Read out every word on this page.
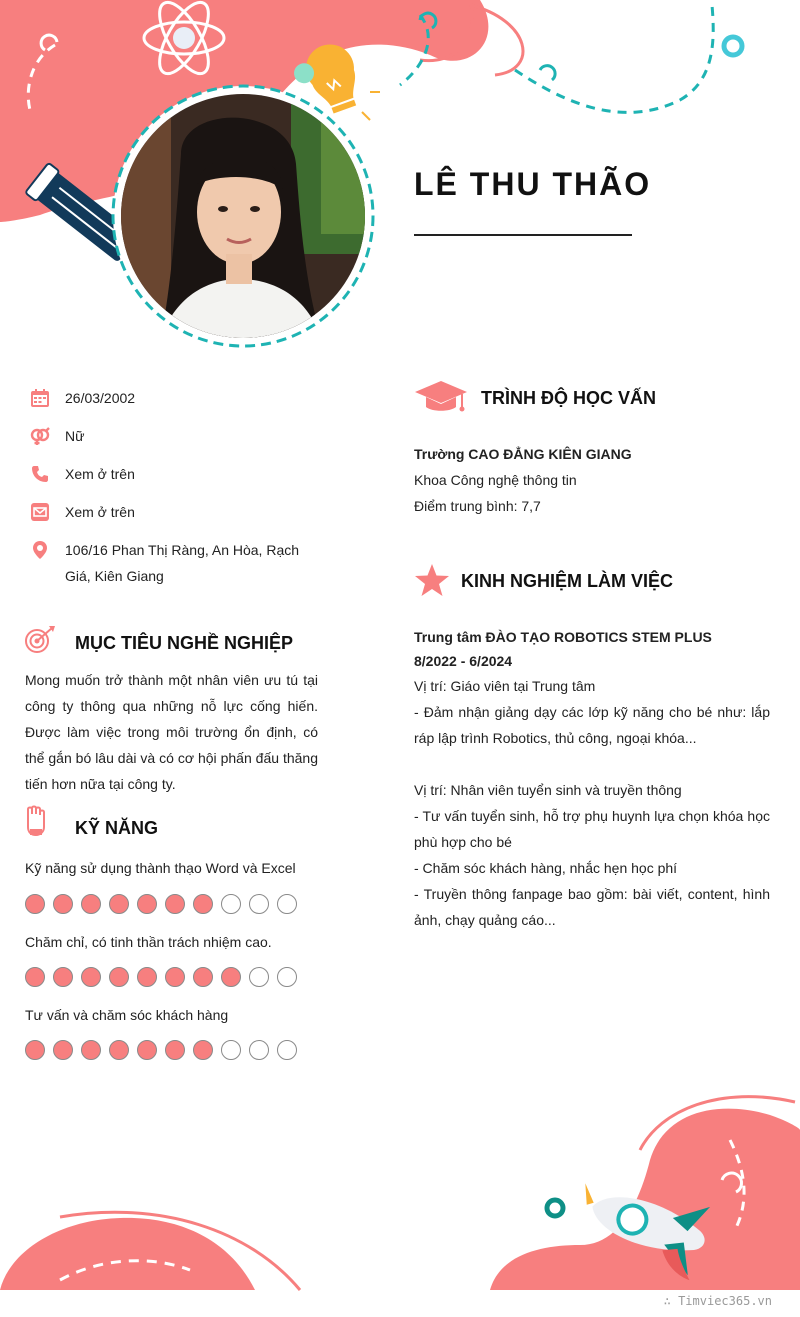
LÊ THU THÃO
26/03/2002
Nữ
Xem ở trên
Xem ở trên
106/16 Phan Thị Ràng, An Hòa, Rạch Giá, Kiên Giang
MỤC TIÊU NGHỀ NGHIỆP
Mong muốn trở thành một nhân viên ưu tú tại công ty thông qua những nỗ lực cống hiến. Được làm việc trong môi trường ổn định, có thể gắn bó lâu dài và có cơ hội phấn đấu thăng tiến hơn nữa tại công ty.
KỸ NĂNG
Kỹ năng sử dụng thành thạo Word và Excel
Chăm chỉ, có tinh thần trách nhiệm cao.
Tư vấn và chăm sóc khách hàng
TRÌNH ĐỘ HỌC VẤN
Trường CAO ĐẲNG KIÊN GIANG
Khoa Công nghệ thông tin
Điểm trung bình: 7,7
KINH NGHIỆM LÀM VIỆC
Trung tâm ĐÀO TẠO ROBOTICS STEM PLUS
8/2022 - 6/2024
Vị trí: Giáo viên tại Trung tâm
- Đảm nhận giảng dạy các lớp kỹ năng cho bé như: lắp ráp lập trình Robotics, thủ công, ngoại khóa...
Vị trí: Nhân viên tuyển sinh và truyền thông
- Tư vấn tuyển sinh, hỗ trợ phụ huynh lựa chọn khóa học phù hợp cho bé
- Chăm sóc khách hàng, nhắc hẹn học phí
- Truyền thông fanpage bao gồm: bài viết, content, hình ảnh, chạy quảng cáo...
∴ Timviec365.vn
